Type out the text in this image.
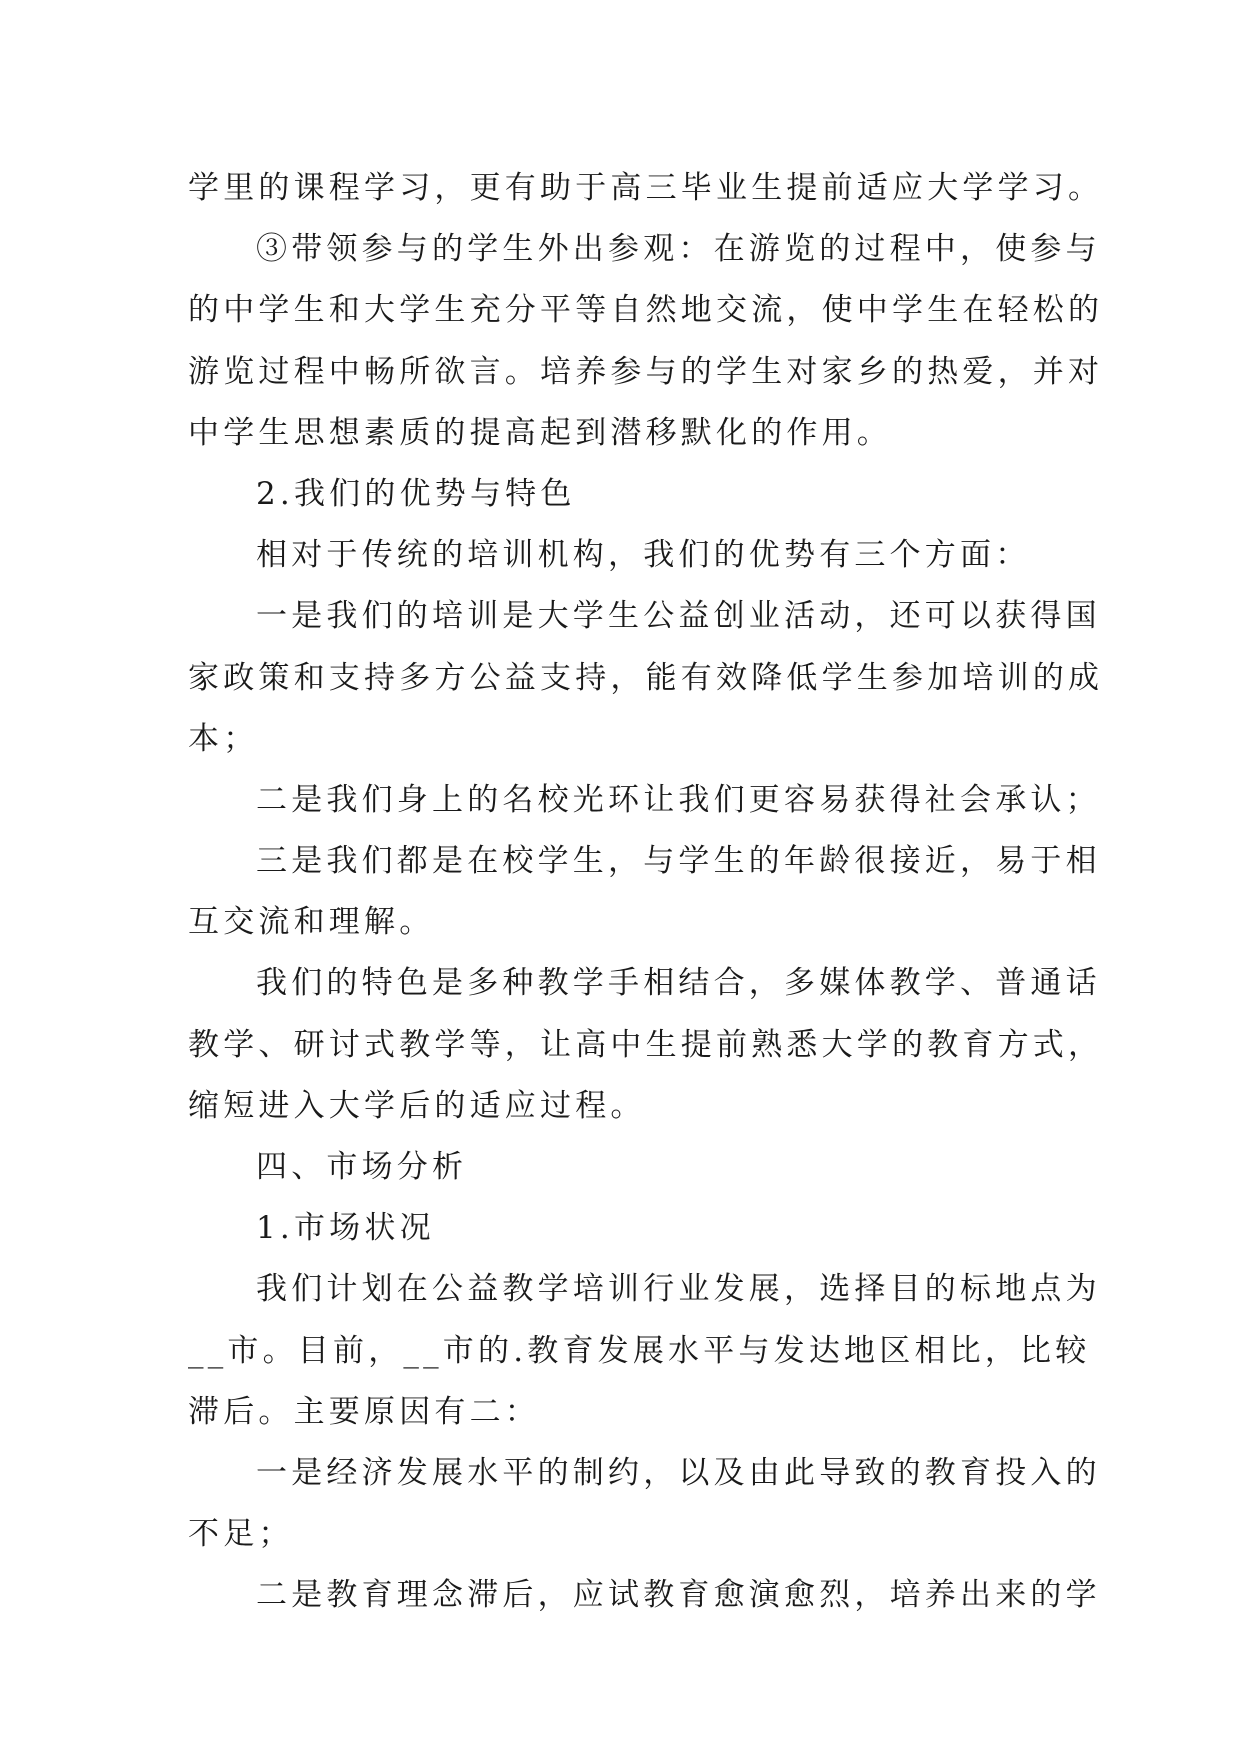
学里的课程学习，更有助于高三毕业生提前适应大学学习。
③带领参与的学生外出参观：在游览的过程中，使参与
的中学生和大学生充分平等自然地交流，使中学生在轻松的
游览过程中畅所欲言。培养参与的学生对家乡的热爱，并对
中学生思想素质的提高起到潜移默化的作用。
2.我们的优势与特色
相对于传统的培训机构，我们的优势有三个方面：
一是我们的培训是大学生公益创业活动，还可以获得国
家政策和支持多方公益支持，能有效降低学生参加培训的成
本；
二是我们身上的名校光环让我们更容易获得社会承认；
三是我们都是在校学生，与学生的年龄很接近，易于相
互交流和理解。
我们的特色是多种教学手相结合，多媒体教学、普通话
教学、研讨式教学等，让高中生提前熟悉大学的教育方式，
缩短进入大学后的适应过程。
四、市场分析
1.市场状况
我们计划在公益教学培训行业发展，选择目的标地点为
__市。目前，__市的.教育发展水平与发达地区相比，比较
滞后。主要原因有二：
一是经济发展水平的制约，以及由此导致的教育投入的
不足；
二是教育理念滞后，应试教育愈演愈烈，培养出来的学
